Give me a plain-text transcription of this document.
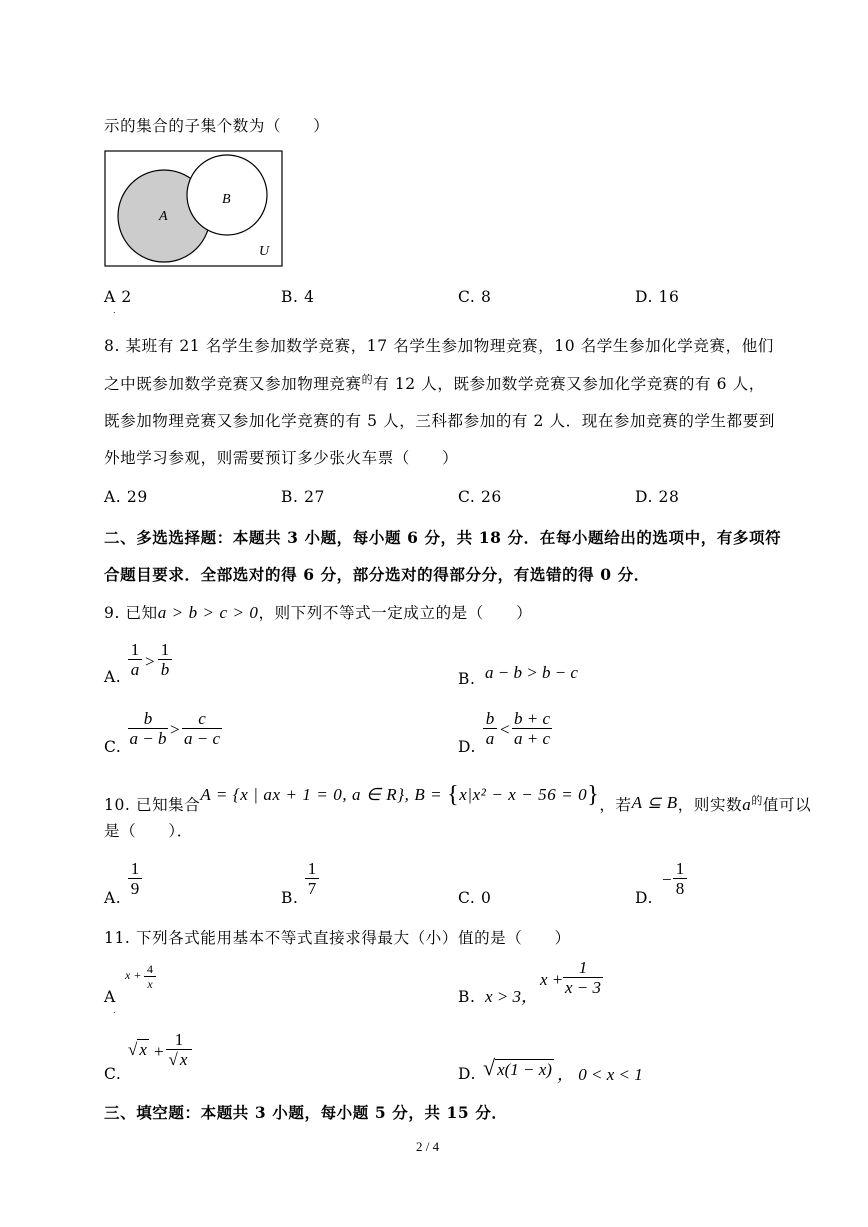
示的集合的子集个数为（　　）
A
B
U
A 2
.
B. 4	C. 8	D. 16
8. 某班有 21 名学生参加数学竞赛，17 名学生参加物理竞赛，10 名学生参加化学竞赛，他们
之中既参加数学竞赛又参加物理竞赛$^的$有 12 人，既参加数学竞赛又参加化学竞赛的有 6 人，
既参加物理竞赛又参加化学竞赛的有 5 人，三科都参加的有 2 人．现在参加竞赛的学生都要到
外地学习参观，则需要预订多少张火车票（　　）
A. 29	B. 27	C. 26	D. 28
二、多选选择题：本题共 3 小题，每小题 6 分，共 18 分．在每小题给出的选项中，有多项符
合题目要求．全部选对的得 6 分，部分选对的得部分分，有选错的得 0 分．
9. 已知a > b > c > 0，则下列不等式一定成立的是（　　）
A.
1
a >
1
b	B. a − b > b − c
C.
b
a − b >
c
a − c	D.
b
a <
b + c
a + c
10. 已知集合A = {x | ax + 1 = 0, a ∈ R}, B = {x|x² − x − 56 = 0}，若A ⊆ B，则实数$a^的$值可以
是（　　）．
A.
1
9	B.
1
7	C. 0	D.
−
1
8
11. 下列各式能用基本不等式直接求得最大（小）值的是（　　）
A
.
x + 4
x
B. x > 3，
x +
1
x − 3
C.
√ x +
1
√ x
D. √ x(1 − x) ， 0 < x < 1
三、填空题：本题共 3 小题，每小题 5 分，共 15 分．
2 / 4
